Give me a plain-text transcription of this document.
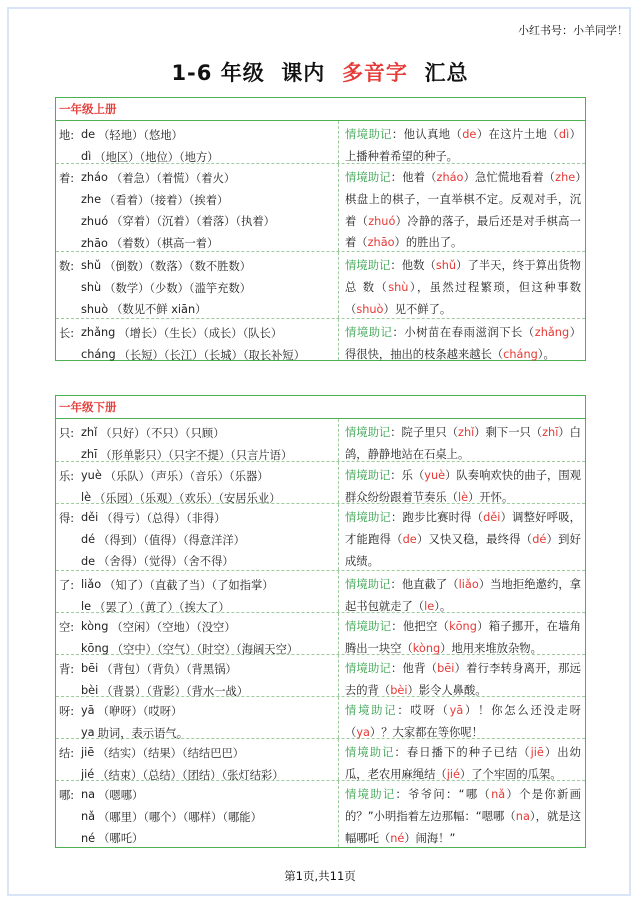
小红书号：小羊同学！
1-6 年级  课内  多音字  汇总
一年级上册
地: de （轻地）（悠地）
dì （地区）（地位）（地方）
情境助记：他认真地（de）在这片土地（dì）上播种着希望的种子。
着: zháo （着急）（着慌）（着火）
zhe （看着）（接着）（挨着）
zhuó （穿着）（沉着）（着落）（执着）
zhāo （着数）（棋高一着）
情境助记：他着（zháo）急忙慌地看着（zhe）棋盘上的棋子，一直举棋不定。反观对手，沉着（zhuó）冷静的落子，最后还是对手棋高一着（zhāo）的胜出了。
数: shǔ （倒数）（数落）（数不胜数）
shù （数学）（少数）（滥竽充数）
shuò （数见不鲜 xiān）
情境助记：他数（shǔ）了半天，终于算出货物总 数（shù），虽然过程繁琐，但这种事数（shuò）见不鲜了。
长: zhǎng （增长）（生长）（成长）（队长）
cháng （长短）（长江）（长城）（取长补短）
情境助记：小树苗在春雨滋润下长（zhǎng）得很快，抽出的枝条越来越长（cháng）。
一年级下册
只: zhǐ （只好）（不只）（只顾）
zhī （形单影只）（只字不提）（只言片语）
情境助记：院子里只（zhǐ）剩下一只（zhī）白鸽，静静地站在石桌上。
乐: yuè （乐队）（声乐）（音乐）（乐器）
lè （乐园）（乐观）（欢乐）（安居乐业）
情境助记：乐（yuè）队奏响欢快的曲子，围观群众纷纷跟着节奏乐（lè）开怀。
得: děi （得亏）（总得）（非得）
dé （得到）（值得）（得意洋洋）
de （舍得）（觉得）（舍不得）
情境助记：跑步比赛时得（děi）调整好呼吸，才能跑得（de）又快又稳，最终得（dé）到好成绩。
了: liǎo （知了）（直截了当）（了如指掌）
le （罢了）（黄了）（挨大了）
情境助记：他直截了（liǎo）当地拒绝邀约，拿起书包就走了（le）。
空: kòng （空闲）（空地）（没空）
kōng （空中）（空气）（时空）（海阔天空）
情境助记：他把空（kōng）箱子挪开，在墙角腾出一块空（kòng）地用来堆放杂物。
背: bēi （背包）（背负）（背黑锅）
bèi （背景）（背影）（背水一战）
情境助记：他背（bēi）着行李转身离开，那远去的背（bèi）影令人鼻酸。
呀: yā （咿呀）（哎呀）
ya 助词，表示语气。
情境助记：哎呀（yā）！你怎么还没走呀（ya）？大家都在等你呢！
结: jiē （结实）（结果）（结结巴巴）
jié （结束）（总结）（团结）（张灯结彩）
情境助记：春日播下的种子已结（jiē）出幼瓜，老农用麻绳结（jié）了个牢固的瓜架。
哪: na （嗯哪）
nǎ （哪里）（哪个）（哪样）（哪能）
né （哪吒）
情境助记：爷爷问：“哪（nǎ）个是你新画的？”小明指着左边那幅：“嗯哪（na），就是这幅哪吒（né）闹海！”
第1页,共11页
